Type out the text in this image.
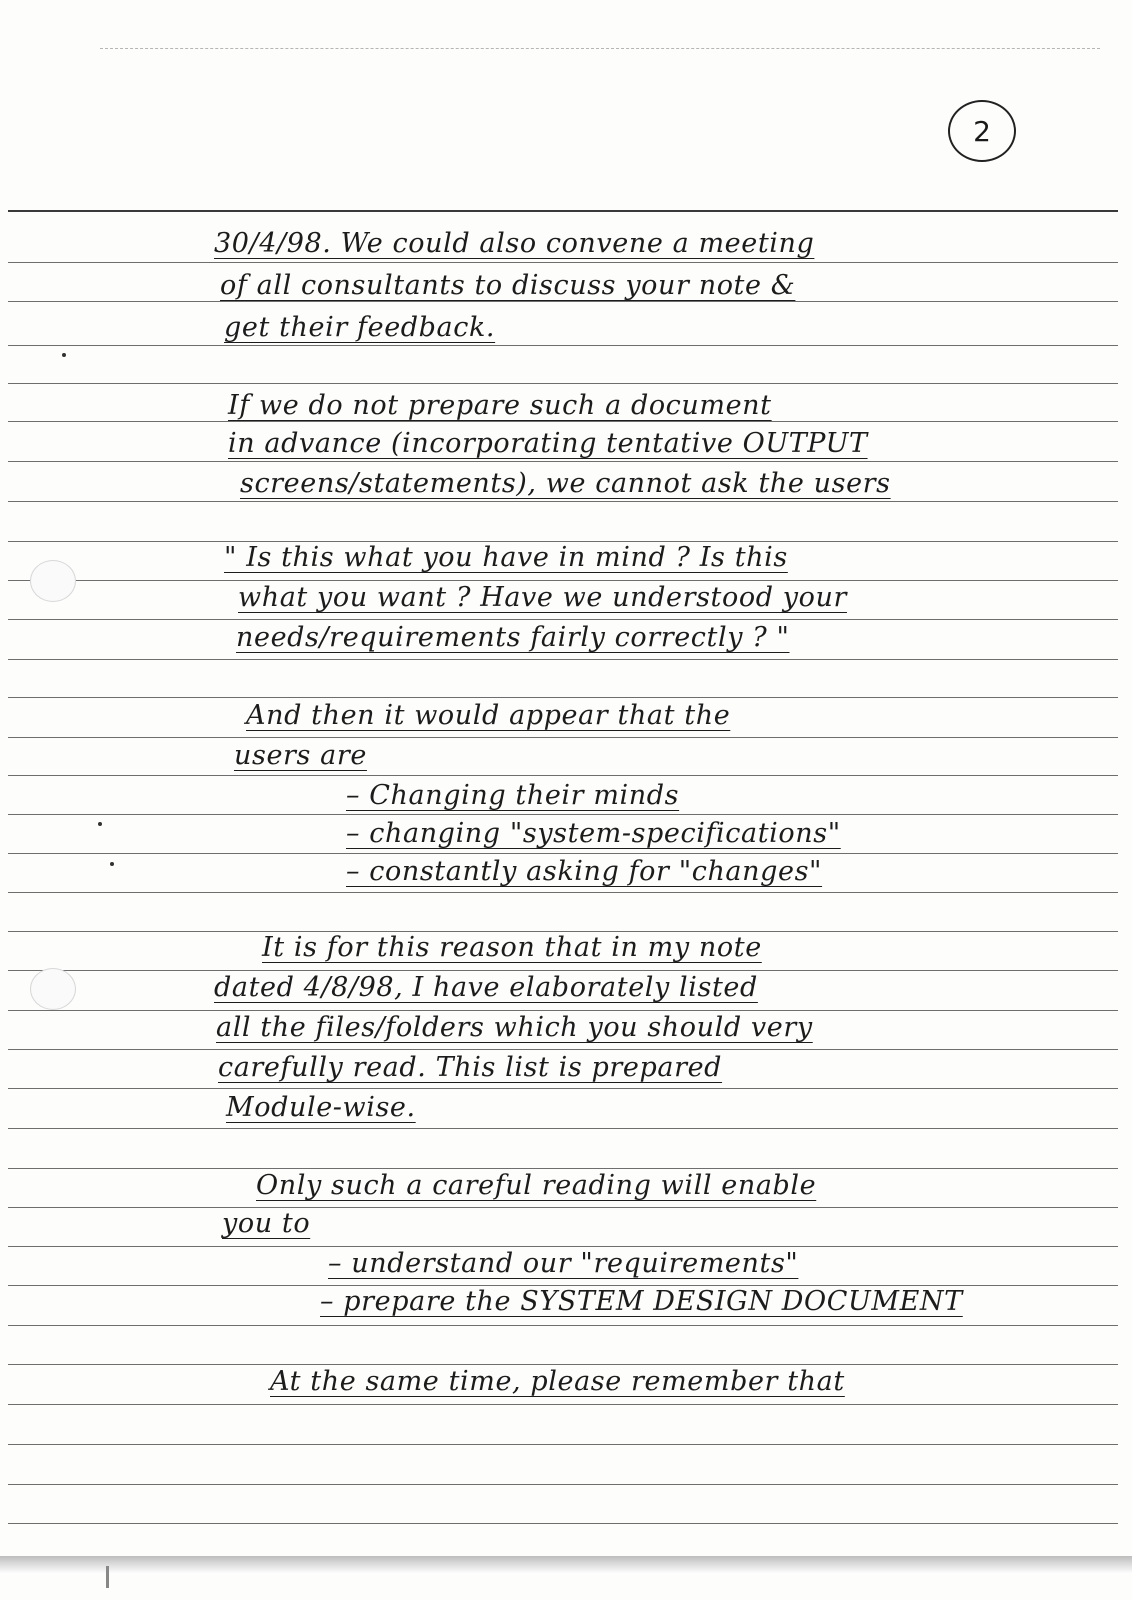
2
30/4/98. We could also convene a meeting
of all consultants to discuss your note &
get their feedback.
If we do not prepare such a document
in advance (incorporating tentative OUTPUT
screens/statements), we cannot ask the users
" Is this what you have in mind ? Is this
what you want ? Have we understood your
needs/requirements fairly correctly ? "
And then it would appear that the
users are
– Changing their minds
– changing "system-specifications"
– constantly asking for "changes"
It is for this reason that in my note
dated 4/8/98, I have elaborately listed
all the files/folders which you should very
carefully read. This list is prepared
Module-wise.
Only such a careful reading will enable
you to
– understand our "requirements"
– prepare the SYSTEM DESIGN DOCUMENT
At the same time, please remember that
